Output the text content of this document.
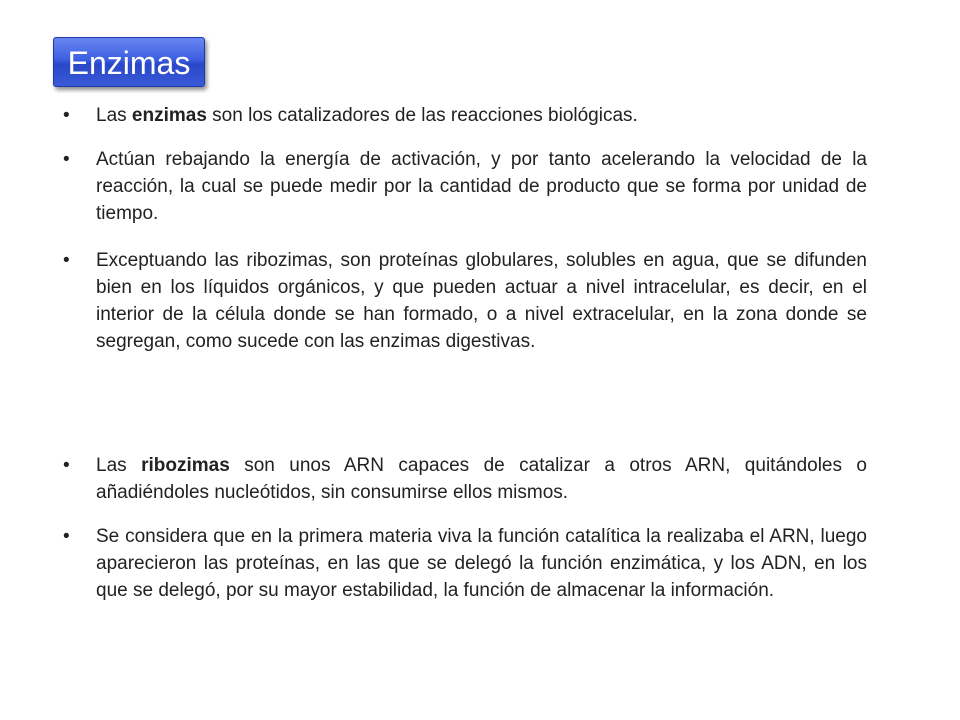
Enzimas
• Las enzimas son los catalizadores de las reacciones biológicas.
• Actúan rebajando la energía de activación, y por tanto acelerando la velocidad de la reacción, la cual se puede medir por la cantidad de producto que se forma por unidad de tiempo.
• Exceptuando las ribozimas, son proteínas globulares, solubles en agua, que se difunden bien en los líquidos orgánicos, y que pueden actuar a nivel intracelular, es decir, en el interior de la célula donde se han formado, o a nivel extracelular, en la zona donde se segregan, como sucede con las enzimas digestivas.
• Las ribozimas son unos ARN capaces de catalizar a otros ARN, quitándoles o añadiéndoles nucleótidos, sin consumirse ellos mismos.
• Se considera que en la primera materia viva la función catalítica la realizaba el ARN, luego aparecieron las proteínas, en las que se delegó la función enzimática, y los ADN, en los que se delegó, por su mayor estabilidad, la función de almacenar la información.
